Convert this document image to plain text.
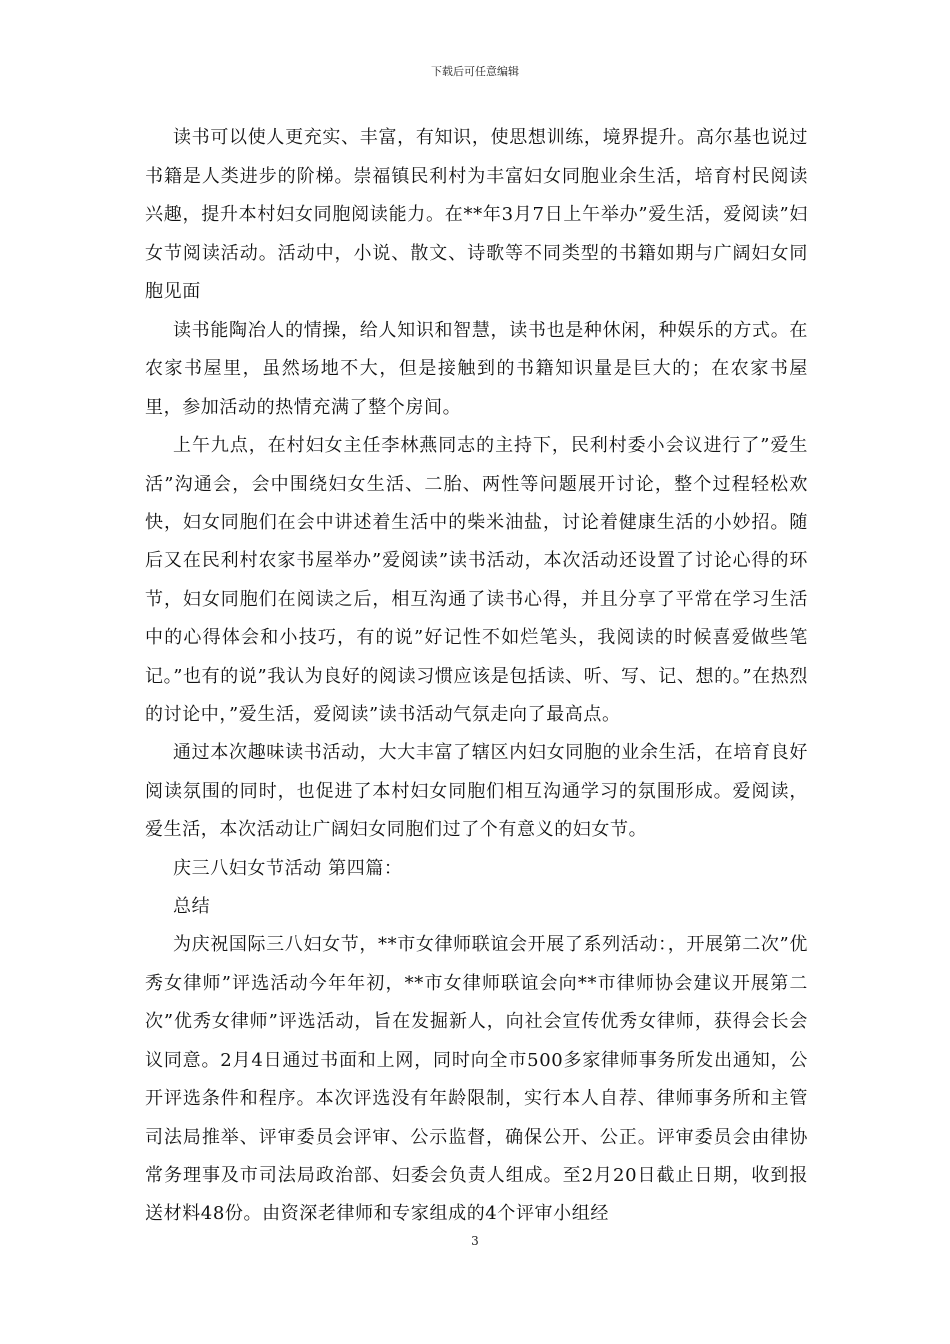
下载后可任意编辑

读书可以使人更充实、丰富，有知识，使思想训练，境界提升。高尔基也说过书籍是人类进步的阶梯。崇福镇民利村为丰富妇女同胞业余生活，培育村民阅读兴趣，提升本村妇女同胞阅读能力。在**年3月7日上午举办”爱生活，爱阅读”妇女节阅读活动。活动中，小说、散文、诗歌等不同类型的书籍如期与广阔妇女同胞见面

读书能陶冶人的情操，给人知识和智慧，读书也是种休闲，种娱乐的方式。在农家书屋里，虽然场地不大，但是接触到的书籍知识量是巨大的；在农家书屋里，参加活动的热情充满了整个房间。

上午九点，在村妇女主任李林燕同志的主持下，民利村委小会议进行了”爱生活”沟通会，会中围绕妇女生活、二胎、两性等问题展开讨论，整个过程轻松欢快，妇女同胞们在会中讲述着生活中的柴米油盐，讨论着健康生活的小妙招。随后又在民利村农家书屋举办”爱阅读”读书活动，本次活动还设置了讨论心得的环节，妇女同胞们在阅读之后，相互沟通了读书心得，并且分享了平常在学习生活中的心得体会和小技巧，有的说”好记性不如烂笔头，我阅读的时候喜爱做些笔记。”也有的说”我认为良好的阅读习惯应该是包括读、听、写、记、想的。”在热烈的讨论中，”爱生活，爱阅读”读书活动气氛走向了最高点。

通过本次趣味读书活动，大大丰富了辖区内妇女同胞的业余生活，在培育良好阅读氛围的同时，也促进了本村妇女同胞们相互沟通学习的氛围形成。爱阅读，爱生活，本次活动让广阔妇女同胞们过了个有意义的妇女节。

庆三八妇女节活动 第四篇：

总结

为庆祝国际三八妇女节，**市女律师联谊会开展了系列活动：，开展第二次”优秀女律师”评选活动今年年初，**市女律师联谊会向**市律师协会建议开展第二次”优秀女律师”评选活动，旨在发掘新人，向社会宣传优秀女律师，获得会长会议同意。2月4日通过书面和上网，同时向全市500多家律师事务所发出通知，公开评选条件和程序。本次评选没有年龄限制，实行本人自荐、律师事务所和主管司法局推举、评审委员会评审、公示监督，确保公开、公正。评审委员会由律协常务理事及市司法局政治部、妇委会负责人组成。至2月20日截止日期，收到报送材料48份。由资深老律师和专家组成的4个评审小组经

3
